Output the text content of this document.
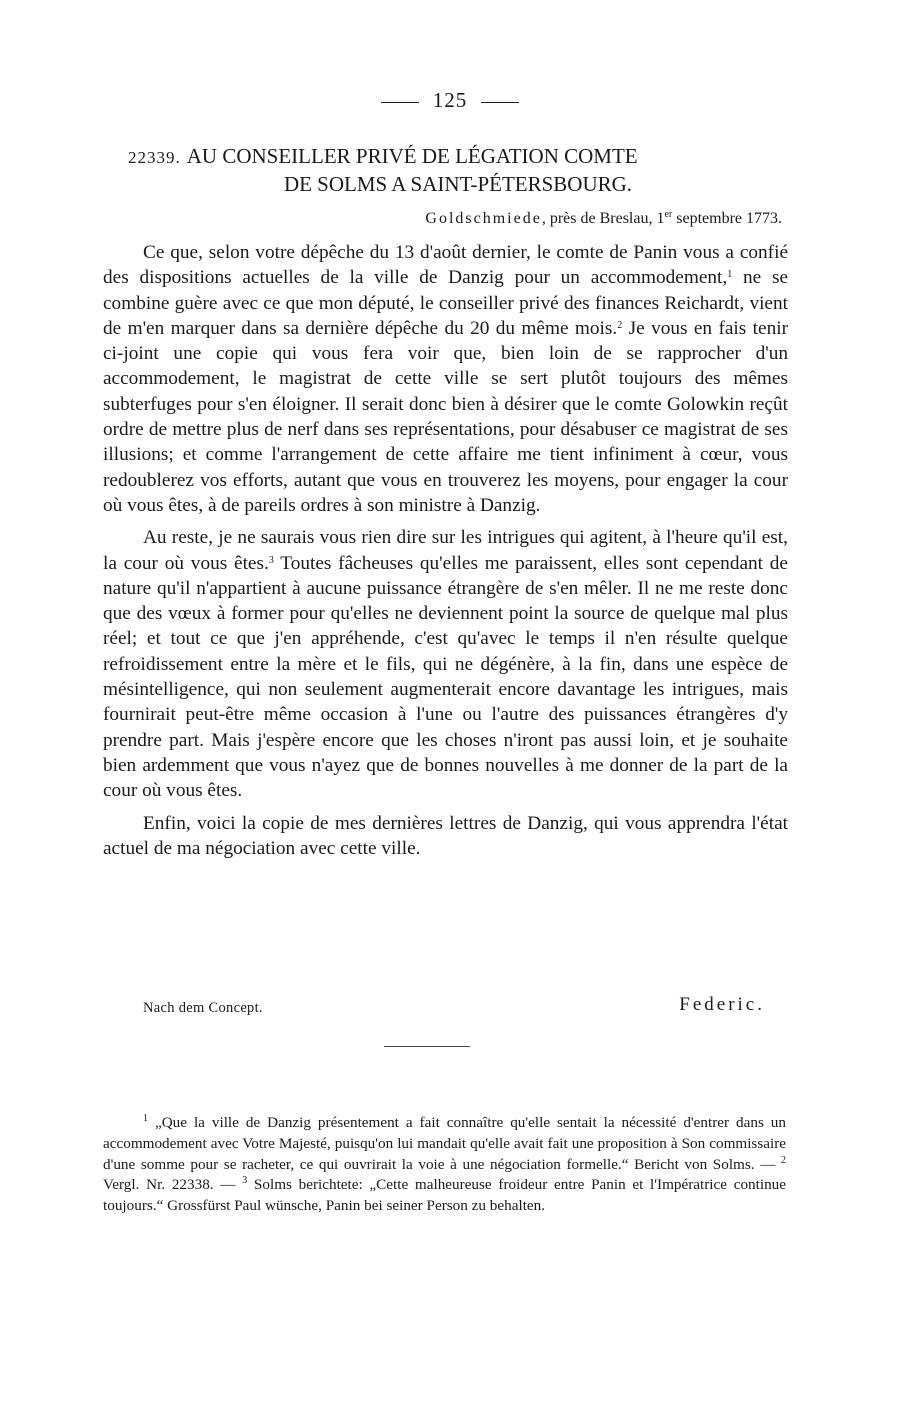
125
22339. AU CONSEILLER PRIVÉ DE LÉGATION COMTE
DE SOLMS A SAINT-PÉTERSBOURG.
Goldschmiede, près de Breslau, 1er septembre 1773.

Ce que, selon votre dépêche du 13 d'août dernier, le comte de Panin vous a confié des dispositions actuelles de la ville de Danzig pour un accommodement,$^1$ ne se combine guère avec ce que mon député, le conseiller privé des finances Reichardt, vient de m'en marquer dans sa dernière dépêche du 20 du même mois.$^2$ Je vous en fais tenir ci-joint une copie qui vous fera voir que, bien loin de se rapprocher d'un accommodement, le magistrat de cette ville se sert plutôt toujours des mêmes subterfuges pour s'en éloigner. Il serait donc bien à désirer que le comte Golowkin reçût ordre de mettre plus de nerf dans ses représentations, pour désabuser ce magistrat de ses illusions; et comme l'arrangement de cette affaire me tient infiniment à cœur, vous redoublerez vos efforts, autant que vous en trouverez les moyens, pour engager la cour où vous êtes, à de pareils ordres à son ministre à Danzig.

Au reste, je ne saurais vous rien dire sur les intrigues qui agitent, à l'heure qu'il est, la cour où vous êtes.$^3$ Toutes fâcheuses qu'elles me paraissent, elles sont cependant de nature qu'il n'appartient à aucune puissance étrangère de s'en mêler. Il ne me reste donc que des vœux à former pour qu'elles ne deviennent point la source de quelque mal plus réel; et tout ce que j'en appréhende, c'est qu'avec le temps il n'en résulte quelque refroidissement entre la mère et le fils, qui ne dégénère, à la fin, dans une espèce de mésintelligence, qui non seulement augmenterait encore davantage les intrigues, mais fournirait peut-être même occasion à l'une ou l'autre des puissances étrangères d'y prendre part. Mais j'espère encore que les choses n'iront pas aussi loin, et je souhaite bien ardemment que vous n'ayez que de bonnes nouvelles à me donner de la part de la cour où vous êtes.

Enfin, voici la copie de mes dernières lettres de Danzig, qui vous apprendra l'état actuel de ma négociation avec cette ville.

Nach dem Concept.	Federic.

$^1$ „Que la ville de Danzig présentement a fait connaître qu'elle sentait la nécessité d'entrer dans un accommodement avec Votre Majesté, puisqu'on lui mandait qu'elle avait fait une proposition à Son commissaire d'une somme pour se racheter, ce qui ouvrirait la voie à une négociation formelle.“ Bericht von Solms. — $^2$ Vergl. Nr. 22338. — $^3$ Solms berichtete: „Cette malheureuse froideur entre Panin et l'Impératrice continue toujours.“ Grossfürst Paul wünsche, Panin bei seiner Person zu behalten.
